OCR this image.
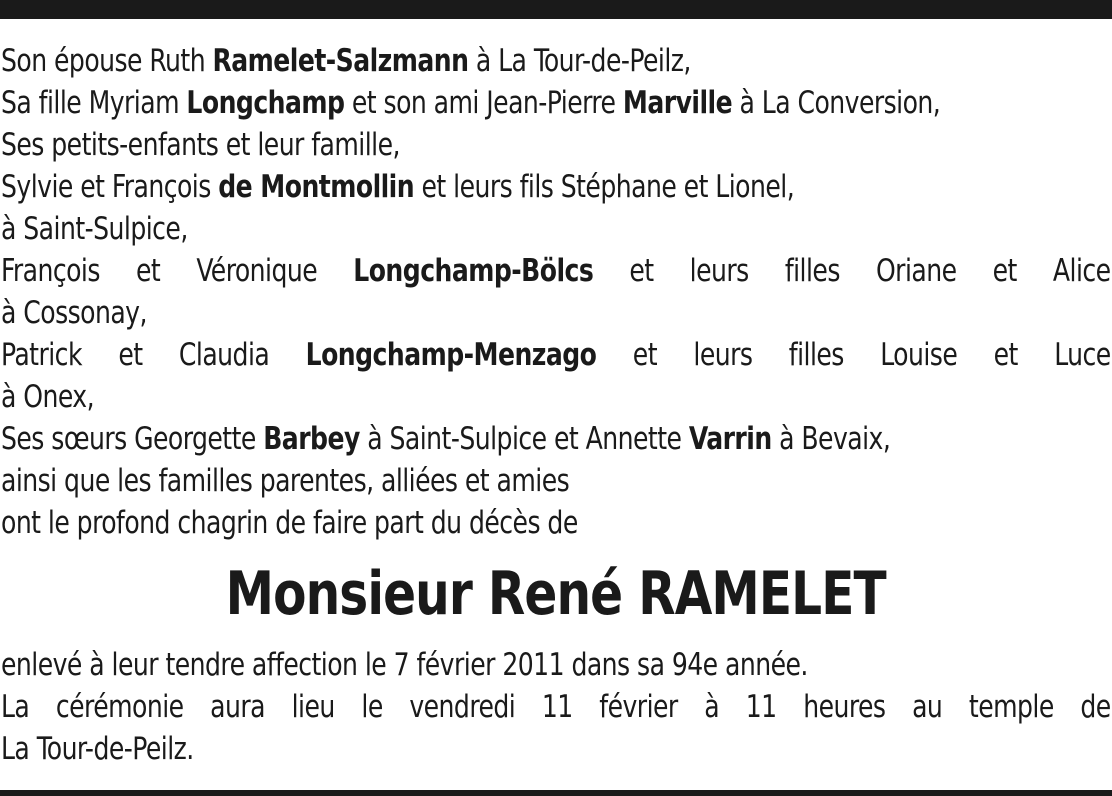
Son épouse Ruth Ramelet-Salzmann à La Tour-de-Peilz,
Sa fille Myriam Longchamp et son ami Jean-Pierre Marville à La Conversion,
Ses petits-enfants et leur famille,
Sylvie et François de Montmollin et leurs fils Stéphane et Lionel,
à Saint-Sulpice,
François et Véronique Longchamp-Bölcs et leurs filles Oriane et Alice
à Cossonay,
Patrick et Claudia Longchamp-Menzago et leurs filles Louise et Luce
à Onex,
Ses sœurs Georgette Barbey à Saint-Sulpice et Annette Varrin à Bevaix,
ainsi que les familles parentes, alliées et amies
ont le profond chagrin de faire part du décès de
Monsieur René RAMELET
enlevé à leur tendre affection le 7 février 2011 dans sa 94e année.
La cérémonie aura lieu le vendredi 11 février à 11 heures au temple de
La Tour-de-Peilz.
